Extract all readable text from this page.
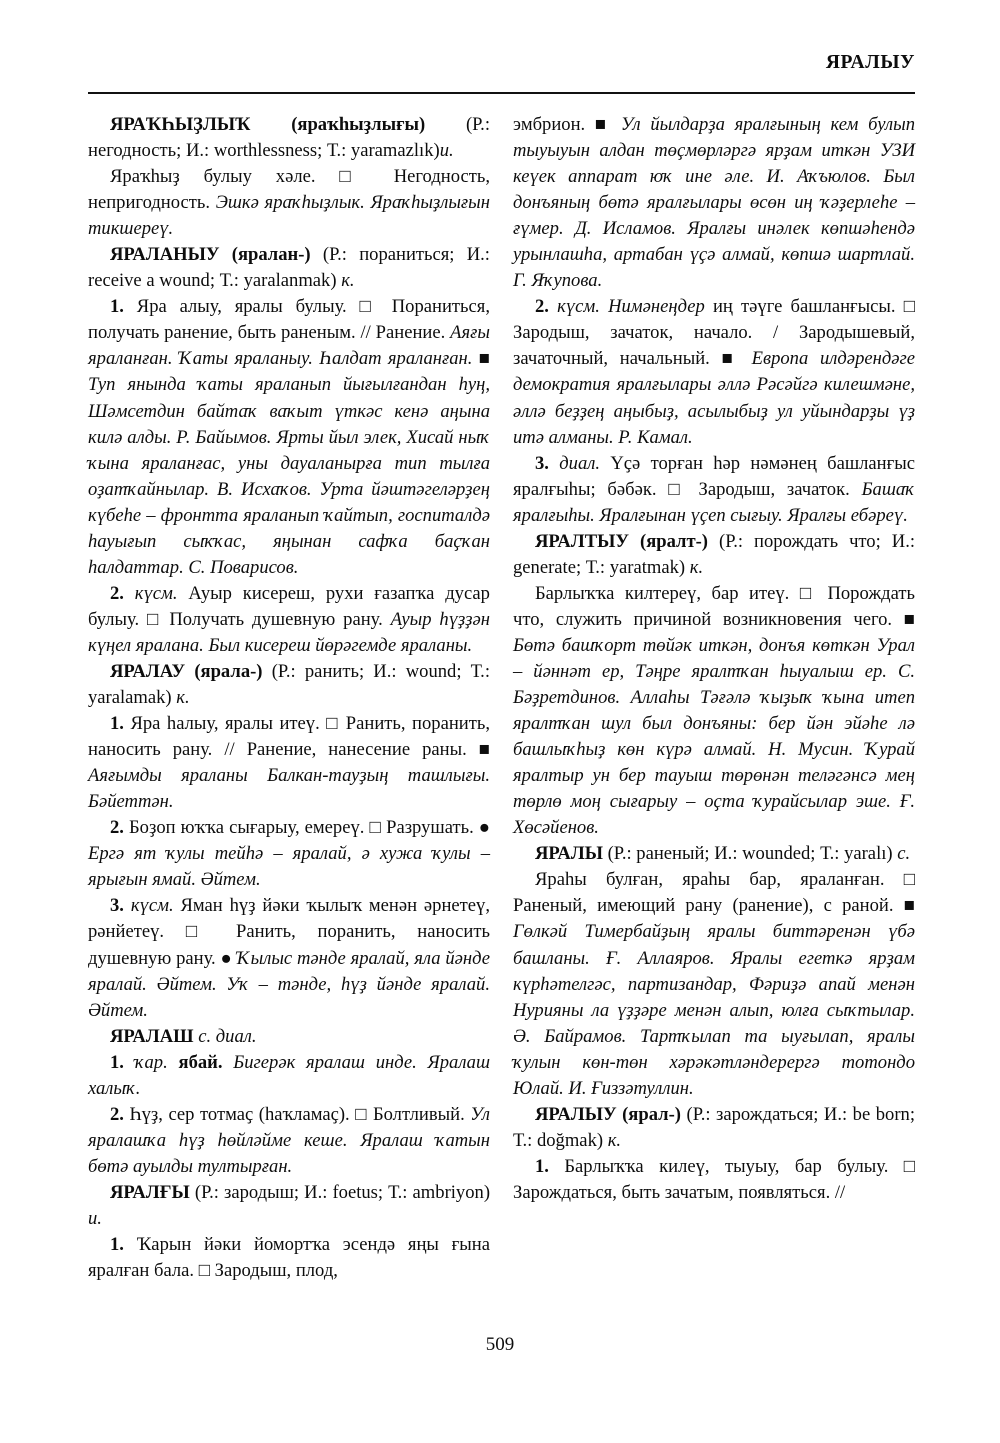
ЯРАЛЫУ

ЯРАҠҺЫҘЛЫҠ (яраҡһыҙлығы) (Р.: негодность; И.: worthlessness; Т.: yaramazlık)и.

Яраҡһыҙ булыу хәле. □ Негодность, непригодность. Эшкә яраҡһыҙлык. Яраҡһыҙлығын тикшереү.

ЯРАЛАНЫУ (яралан-) (Р.: пораниться; И.: receive a wound; Т.: yaralanmak) к.

1. Яра алыу, яралы булыу. □ Пораниться, получать ранение, быть раненым. // Ранение. Аяғы яраланған. Ҡаты яраланыу. Һалдат яраланған. ■ Туп янында ҡаты яраланып йығылғандан һуң, Шәмсетдин байтаҡ ваҡыт үткәс кенә аңына килә алды. Р. Байымов. Ярты йыл элек, Хисай ныҡ ҡына яраланғас, уны дауаланырға тип тылға оҙатҡайнылар. В. Исхаҡов. Урта йәштәгеләрҙең күбеһе – фронтта яраланып ҡайтып, госпиталдә һауығып сыҡҡас, яңынан сафҡа баҫҡан һалдаттар. С. Поварисов.

2. күсм. Ауыр кисереш, рухи ғазапҡа дусар булыу. □ Получать душевную рану. Ауыр һүҙҙән күңел яралана. Был кисереш йөрәгемде яраланы.

ЯРАЛАУ (ярала-) (Р.: ранить; И.: wound; Т.: yaralamak) к.

1. Яра һалыу, яралы итеү. □ Ранить, поранить, наносить рану. // Ранение, нанесение раны. ■ Аяғымды яраланы Балкан-тауҙың ташлығы. Бәйеттән.

2. Боҙоп юҡҡа сығарыу, емереү. □ Разрушать. ● Ергә ят ҡулы тейһә – яралай, ә хужа ҡулы – ярығын ямай. Әйтем.

3. күсм. Яман һүҙ йәки ҡылыҡ менән әрнетеү, рәнйетеү. □ Ранить, поранить, наносить душевную рану. ● Ҡылыс тәнде яралай, яла йәнде яралай. Әйтем. Уҡ – тәнде, һүҙ йәнде яралай. Әйтем.

ЯРАЛАШ с. диал.

1. ҡар. ябай. Бигерәк яралаш инде. Яралаш халыҡ.

2. Һүҙ, сер тотмаҫ (һаҡламаҫ). □ Болтливый. Ул яралашҡа һүҙ һөйләйме кеше. Яралаш ҡатын бөтә ауылды тултырған.

ЯРАЛҒЫ (Р.: зародыш; И.: foetus; Т.: ambriyon) и.

1. Ҡарын йәки йомортҡа эсендә яңы ғына яралған бала. □ Зародыш, плод,

эмбрион. ■ Ул йылдарҙа яралғының кем булып тыуыуын алдан төҫмөрләргә ярҙам иткән УЗИ кеүек аппарат юҡ ине әле. И. Аҡъюлов. Был донъяның бөтә яралғылары өсөн иң ҡәҙерлеһе – ғүмер. Д. Исламов. Яралғы инәлек көпшәһендә урынлашһа, артабан үҫә алмай, көпшә шартлай. Г. Яҡупова.

2. күсм. Нимәнеңдер иң тәүге башланғысы. □ Зародыш, зачаток, начало. / Зародышевый, зачаточный, начальный. ■ Европа илдәрендәге демократия яралғылары әллә Рәсәйгә килешмәне, әллә беҙҙең аңыбыҙ, асылыбыҙ ул уйындарҙы үҙ итә алманы. Р. Камал.

3. диал. Үҫә торған һәр нәмәнең башланғыс яралғыһы; бәбәк. □ Зародыш, зачаток. Башаҡ яралғыһы. Яралғынан үҫеп сығыу. Яралғы ебәреү.

ЯРАЛТЫУ (яралт-) (Р.: порождать что; И.: generate; Т.: yaratmak) к.

Барлыҡҡа килтереү, бар итеү. □ Порождать что, служить причиной возникновения чего. ■ Бөтә башҡорт төйәк иткән, донъя көткән Урал – йәннәт ер, Тәңре яралтҡан һыуалыш ер. С. Бәҙретдинов. Аллаһы Тәғәлә ҡыҙыҡ ҡына итеп яралтҡан шул был донъяны: бер йән эйәһе лә башлыҡһыҙ көн күрә алмай. Н. Мусин. Ҡурай яралтыр ун бер тауыш төрөнән теләгәнсә мең төрлө моң сығарыу – оҫта ҡурайсылар эше. Ғ. Хөсәйенов.

ЯРАЛЫ (Р.: раненый; И.: wounded; Т.: yaralı) с.

Яраһы булған, яраһы бар, яраланған. □ Раненый, имеющий рану (ранение), с раной. ■ Гөлкәй Тимербайҙың яралы биттәренән үбә башланы. Ғ. Аллаяров. Яралы егеткә ярҙам күрһәтелгәс, партизандар, Фәриҙә апай менән Нурияны ла үҙҙәре менән алып, юлға сыҡтылар. Ә. Байрамов. Тартҡылап та ыуғылап, яралы ҡулын көн-төн хәрәкәтләндерергә тотондо Юлай. И. Ғиззәтуллин.

ЯРАЛЫУ (ярал-) (Р.: зарождаться; И.: be born; Т.: doğmak) к.

1. Барлыҡҡа килеү, тыуыу, бар булыу. □ Зарождаться, быть зачатым, появляться. //

509
